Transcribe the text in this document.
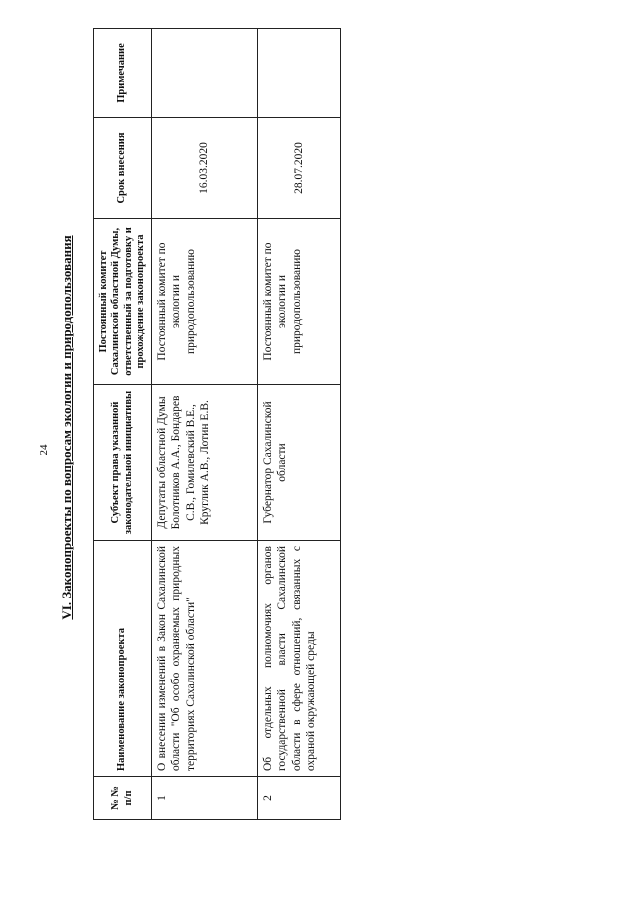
24 VI. Законопроекты по вопросам экологии и природопользования
№ № п/п	Наименование законопроекта	Субъект права указанной законодательной инициативы	Постоянный комитет Сахалинской областной Думы, ответственный за подготовку и прохождение законопроекта	Срок внесения	Примечание
1	О внесении изменений в Закон Сахалинской области "Об особо охраняемых природных территориях Сахалинской области"	Депутаты областной Думы Болотников А.А., Бондарев С.В., Гомилевский В.Е., Круглик А.В., Лотин Е.В.	Постоянный комитет по экологии и природопользованию	16.03.2020	
2	Об отдельных полномочиях органов государственной власти Сахалинской области в сфере отношений, связанных с охраной окружающей среды	Губернатор Сахалинской области	Постоянный комитет по экологии и природопользованию	28.07.2020	
